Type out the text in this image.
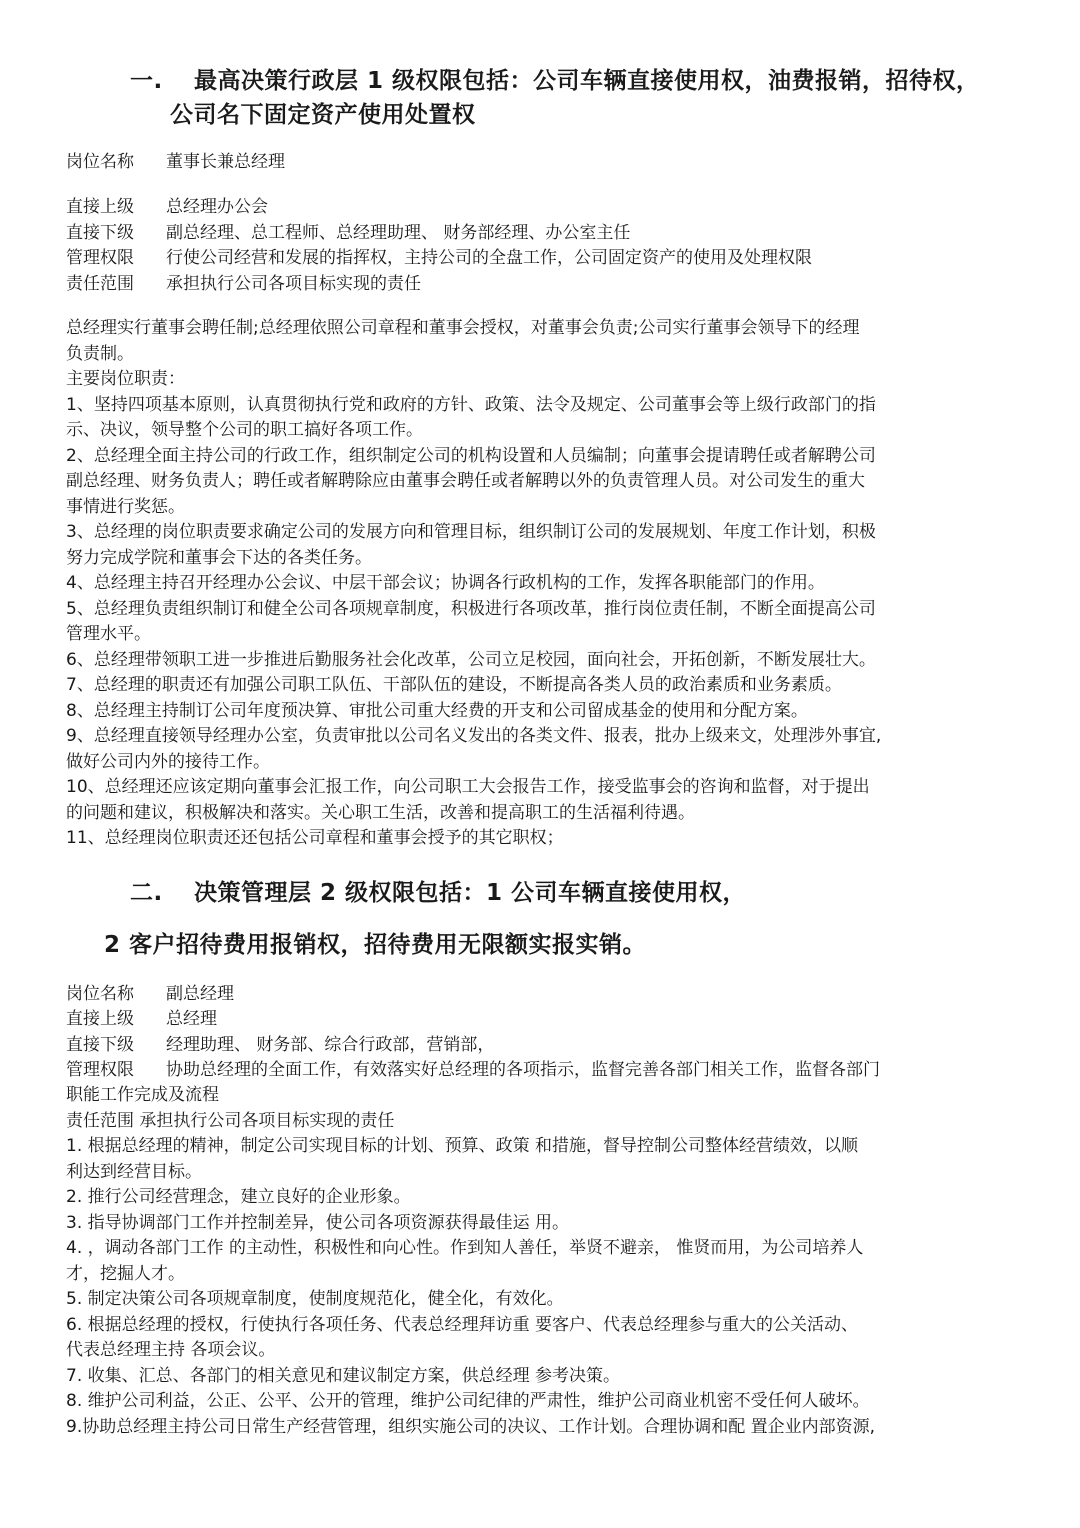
一. 最高决策行政层 1 级权限包括：公司车辆直接使用权，油费报销，招待权，
公司名下固定资产使用处置权
岗位名称 董事长兼总经理
直接上级 总经理办公会
直接下级 副总经理、总工程师、总经理助理、 财务部经理、办公室主任
管理权限 行使公司经营和发展的指挥权，主持公司的全盘工作，公司固定资产的使用及处理权限
责任范围 承担执行公司各项目标实现的责任
总经理实行董事会聘任制;总经理依照公司章程和董事会授权，对董事会负责;公司实行董事会领导下的经理
负责制。
主要岗位职责：
1、坚持四项基本原则，认真贯彻执行党和政府的方针、政策、法令及规定、公司董事会等上级行政部门的指
示、决议，领导整个公司的职工搞好各项工作。
2、总经理全面主持公司的行政工作，组织制定公司的机构设置和人员编制；向董事会提请聘任或者解聘公司
副总经理、财务负责人；聘任或者解聘除应由董事会聘任或者解聘以外的负责管理人员。对公司发生的重大
事情进行奖惩。
3、总经理的岗位职责要求确定公司的发展方向和管理目标，组织制订公司的发展规划、年度工作计划，积极
努力完成学院和董事会下达的各类任务。
4、总经理主持召开经理办公会议、中层干部会议；协调各行政机构的工作，发挥各职能部门的作用。
5、总经理负责组织制订和健全公司各项规章制度，积极进行各项改革，推行岗位责任制，不断全面提高公司
管理水平。
6、总经理带领职工进一步推进后勤服务社会化改革，公司立足校园，面向社会，开拓创新，不断发展壮大。
7、总经理的职责还有加强公司职工队伍、干部队伍的建设，不断提高各类人员的政治素质和业务素质。
8、总经理主持制订公司年度预决算、审批公司重大经费的开支和公司留成基金的使用和分配方案。
9、总经理直接领导经理办公室，负责审批以公司名义发出的各类文件、报表，批办上级来文，处理涉外事宜,
做好公司内外的接待工作。
10、总经理还应该定期向董事会汇报工作，向公司职工大会报告工作，接受监事会的咨询和监督，对于提出
的问题和建议，积极解决和落实。关心职工生活，改善和提高职工的生活福利待遇。
11、总经理岗位职责还还包括公司章程和董事会授予的其它职权；
二. 决策管理层 2 级权限包括：1 公司车辆直接使用权，
2 客户招待费用报销权，招待费用无限额实报实销。
岗位名称 副总经理
直接上级 总经理
直接下级 经理助理、 财务部、综合行政部，营销部，
管理权限 协助总经理的全面工作，有效落实好总经理的各项指示，监督完善各部门相关工作，监督各部门
职能工作完成及流程
责任范围 承担执行公司各项目标实现的责任
1. 根据总经理的精神，制定公司实现目标的计划、预算、政策 和措施，督导控制公司整体经营绩效，以顺
利达到经营目标。
2. 推行公司经营理念，建立良好的企业形象。
3. 指导协调部门工作并控制差异，使公司各项资源获得最佳运 用。
4. ，调动各部门工作 的主动性，积极性和向心性。作到知人善任，举贤不避亲， 惟贤而用，为公司培养人
才，挖掘人才。
5. 制定决策公司各项规章制度，使制度规范化，健全化，有效化。
6. 根据总经理的授权，行使执行各项任务、代表总经理拜访重 要客户、代表总经理参与重大的公关活动、
代表总经理主持 各项会议。
7. 收集、汇总、各部门的相关意见和建议制定方案，供总经理 参考决策。
8. 维护公司利益，公正、公平、公开的管理，维护公司纪律的严肃性，维护公司商业机密不受任何人破坏。
9.协助总经理主持公司日常生产经营管理，组织实施公司的决议、工作计划。合理协调和配 置企业内部资源,
